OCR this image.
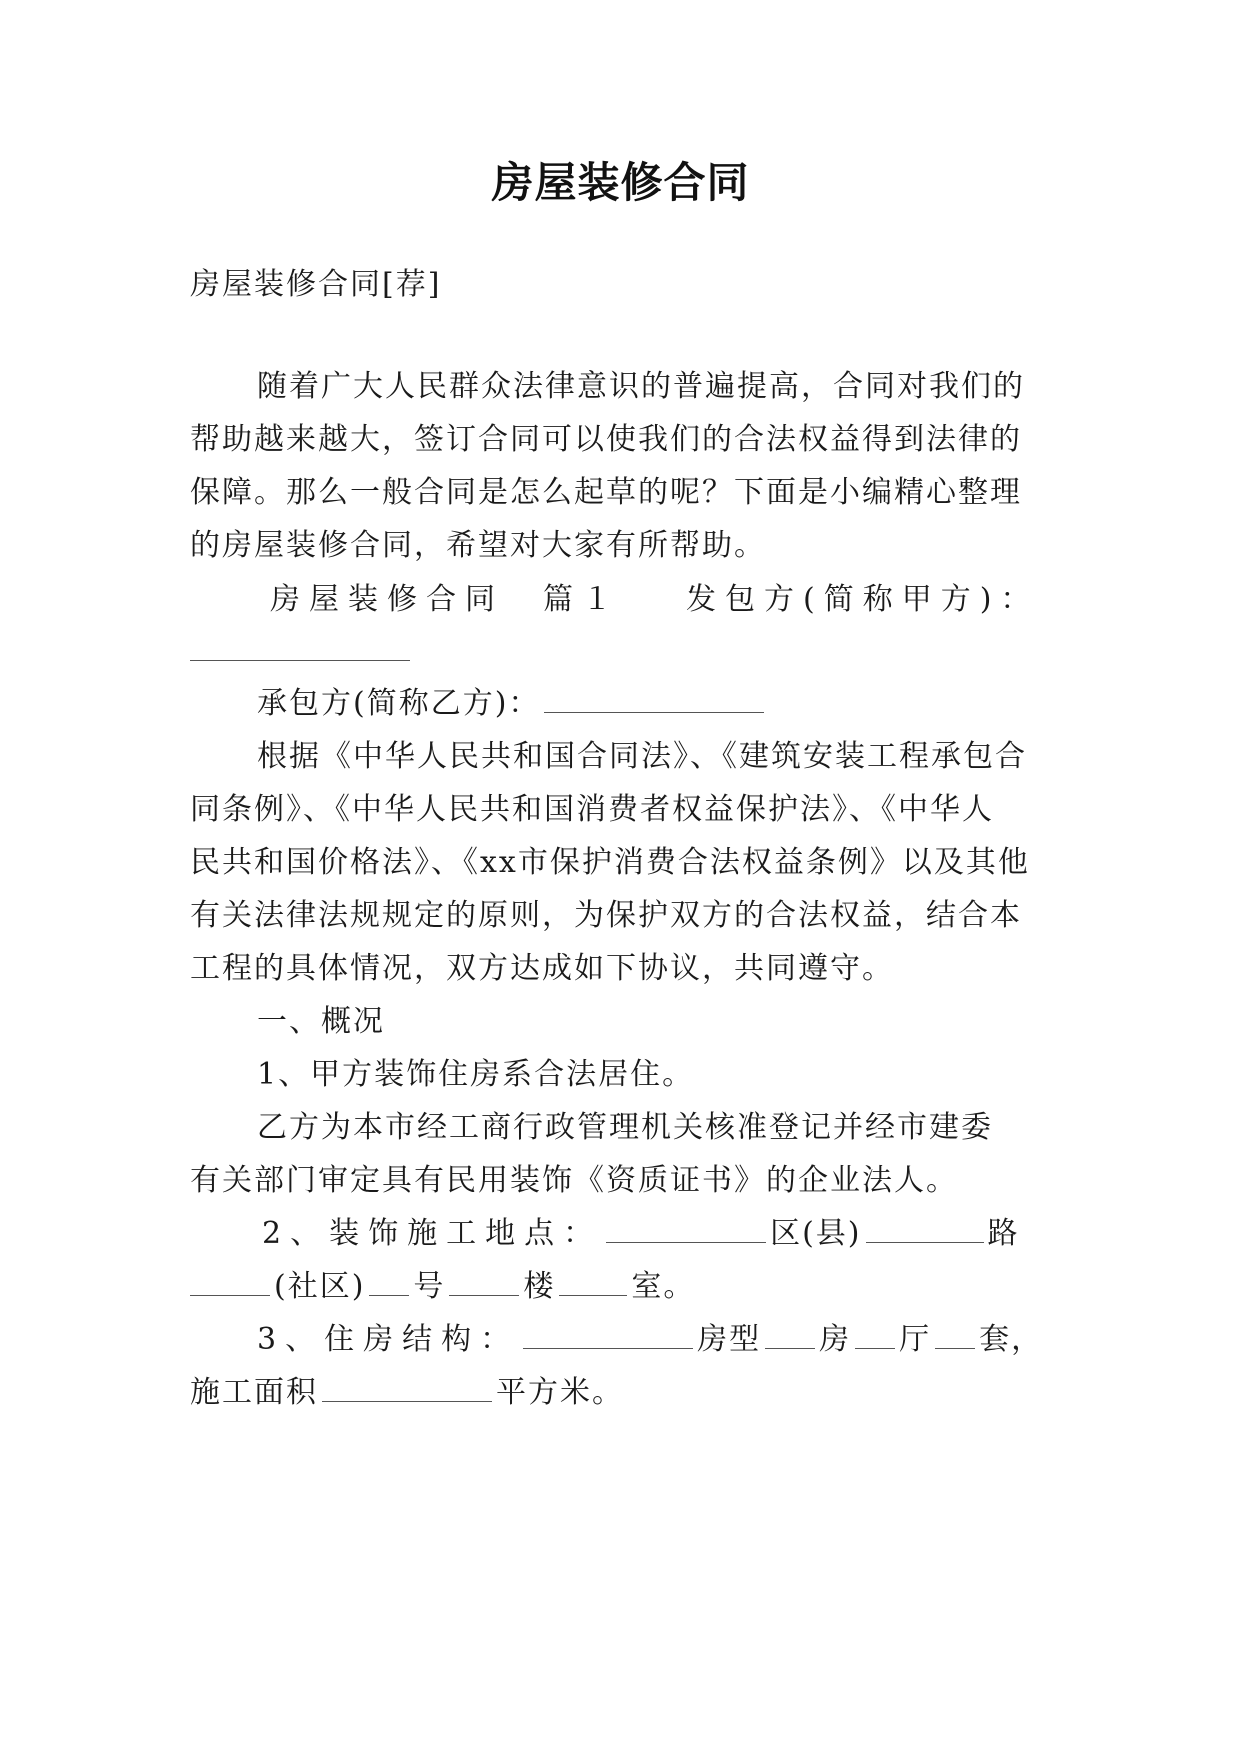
房屋装修合同
房屋装修合同[荐]
随着广大人民群众法律意识的普遍提高，合同对我们的
帮助越来越大，签订合同可以使我们的合法权益得到法律的
保障。那么一般合同是怎么起草的呢？下面是小编精心整理
的房屋装修合同，希望对大家有所帮助。
房屋装修合同　篇１ 发包方(简称甲方)：
承包方(简称乙方)：
根据《中华人民共和国合同法》、《建筑安装工程承包合
同条例》、《中华人民共和国消费者权益保护法》、《中华人
民共和国价格法》、《xx市保护消费合法权益条例》以及其他
有关法律法规规定的原则，为保护双方的合法权益，结合本
工程的具体情况，双方达成如下协议，共同遵守。
一、概况
1、甲方装饰住房系合法居住。
乙方为本市经工商行政管理机关核准登记并经市建委
有关部门审定具有民用装饰《资质证书》的企业法人。
2、装饰施工地点：	区(县)	路
(社区) 号	楼	室。
3、住房结构：	房型 房 厅 套，
施工面积	平方米。
